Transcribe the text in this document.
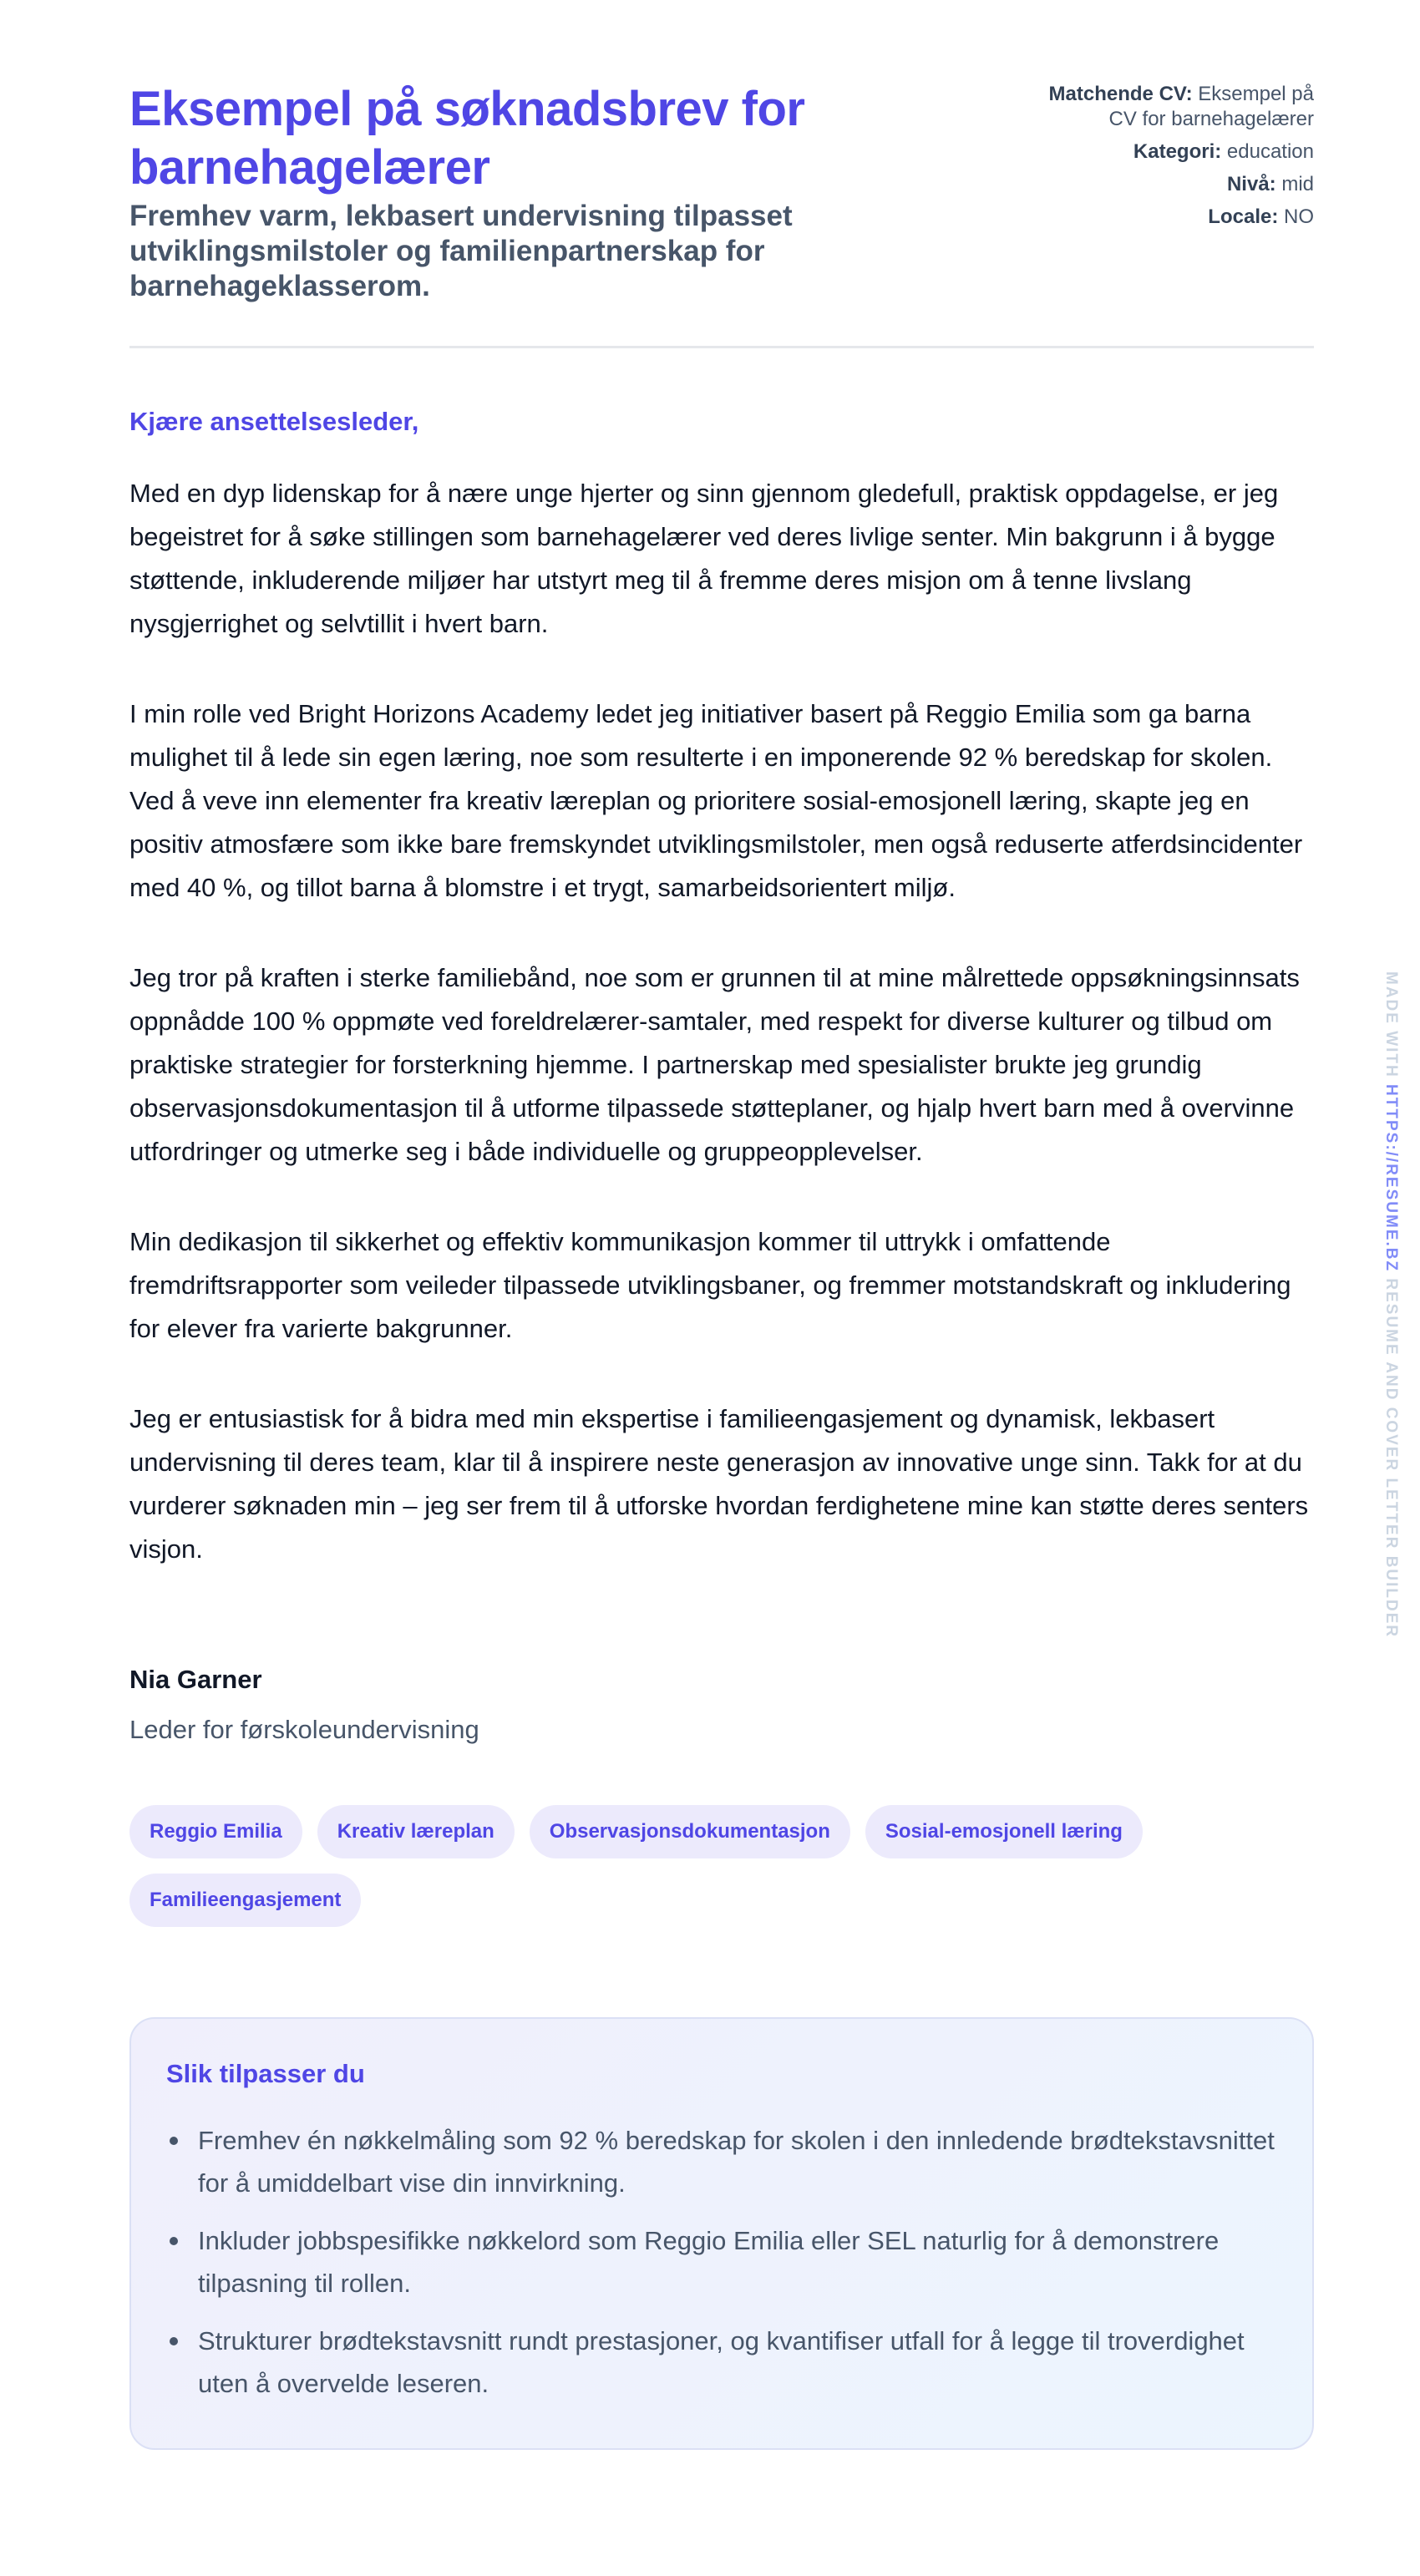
Eksempel på søknadsbrev for barnehagelærer
Fremhev varm, lekbasert undervisning tilpasset utviklingsmilstoler og familienpartnerskap for barnehageklasserom.
Matchende CV: Eksempel på CV for barnehagelærer
Kategori: education
Nivå: mid
Locale: NO

Kjære ansettelsesleder,

Med en dyp lidenskap for å nære unge hjerter og sinn gjennom gledefull, praktisk oppdagelse, er jeg begeistret for å søke stillingen som barnehagelærer ved deres livlige senter. Min bakgrunn i å bygge støttende, inkluderende miljøer har utstyrt meg til å fremme deres misjon om å tenne livslang nysgjerrighet og selvtillit i hvert barn.

I min rolle ved Bright Horizons Academy ledet jeg initiativer basert på Reggio Emilia som ga barna mulighet til å lede sin egen læring, noe som resulterte i en imponerende 92 % beredskap for skolen. Ved å veve inn elementer fra kreativ læreplan og prioritere sosial-emosjonell læring, skapte jeg en positiv atmosfære som ikke bare fremskyndet utviklingsmilstoler, men også reduserte atferdsincidenter med 40 %, og tillot barna å blomstre i et trygt, samarbeidsorientert miljø.

Jeg tror på kraften i sterke familiebånd, noe som er grunnen til at mine målrettede oppsøkningsinnsats oppnådde 100 % oppmøte ved foreldrelærer-samtaler, med respekt for diverse kulturer og tilbud om praktiske strategier for forsterkning hjemme. I partnerskap med spesialister brukte jeg grundig observasjonsdokumentasjon til å utforme tilpassede støtteplaner, og hjalp hvert barn med å overvinne utfordringer og utmerke seg i både individuelle og gruppeopplevelser.

Min dedikasjon til sikkerhet og effektiv kommunikasjon kommer til uttrykk i omfattende fremdriftsrapporter som veileder tilpassede utviklingsbaner, og fremmer motstandskraft og inkludering for elever fra varierte bakgrunner.

Jeg er entusiastisk for å bidra med min ekspertise i familieengasjement og dynamisk, lekbasert undervisning til deres team, klar til å inspirere neste generasjon av innovative unge sinn. Takk for at du vurderer søknaden min – jeg ser frem til å utforske hvordan ferdighetene mine kan støtte deres senters visjon.

Nia Garner

Leder for førskoleundervisning

Reggio Emilia	Kreativ læreplan	Observasjonsdokumentasjon	Sosial-emosjonell læring
Familieengasjement
Slik tilpasser du
Fremhev én nøkkelmåling som 92 % beredskap for skolen i den innledende brødtekstavsnittet for å umiddelbart vise din innvirkning.
Inkluder jobbspesifikke nøkkelord som Reggio Emilia eller SEL naturlig for å demonstrere tilpasning til rollen.
Strukturer brødtekstavsnitt rundt prestasjoner, og kvantifiser utfall for å legge til troverdighet uten å overvelde leseren.
MADE WITH HTTPS://RESUME.BZ RESUME AND COVER LETTER BUILDER
